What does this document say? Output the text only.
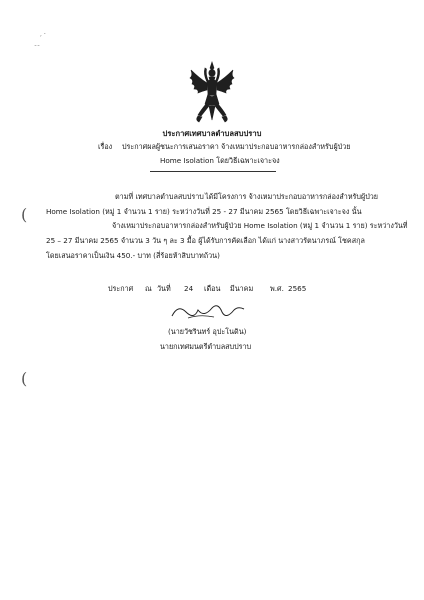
ˏ ˴
ˍˍ
ประกาศเทศบาลตำบลสบปราบ
เรื่อง ประกาศผลผู้ชนะการเสนอราคา จ้างเหมาประกอบอาหารกล่องสำหรับผู้ป่วย
Home Isolation โดยวิธีเฉพาะเจาะจง
(
(
ตามที่ เทศบาลตำบลสบปราบ ได้มีโครงการ จ้างเหมาประกอบอาหารกล่องสำหรับผู้ป่วย
Home Isolation (หมู่ 1 จำนวน 1 ราย) ระหว่างวันที่ 25 - 27 มีนาคม 2565 โดยวิธีเฉพาะเจาะจง นั้น
จ้างเหมาประกอบอาหารกล่องสำหรับผู้ป่วย Home Isolation (หมู่ 1 จำนวน 1 ราย) ระหว่างวันที่
25 – 27 มีนาคม 2565 จำนวน 3 วัน ๆ ละ 3 มื้อ ผู้ได้รับการคัดเลือก ได้แก่ นางสาวรัตนาภรณ์ โชคสกุล
โดยเสนอราคาเป็นเงิน 450.- บาท (สี่ร้อยห้าสิบบาทถ้วน)
ประกาศ ณ วันที่ 24 เดือน มีนาคม พ.ศ. 2565
(นายวัชรินทร์ อุปะโนดิน)
นายกเทศมนตรีตำบลสบปราบ
